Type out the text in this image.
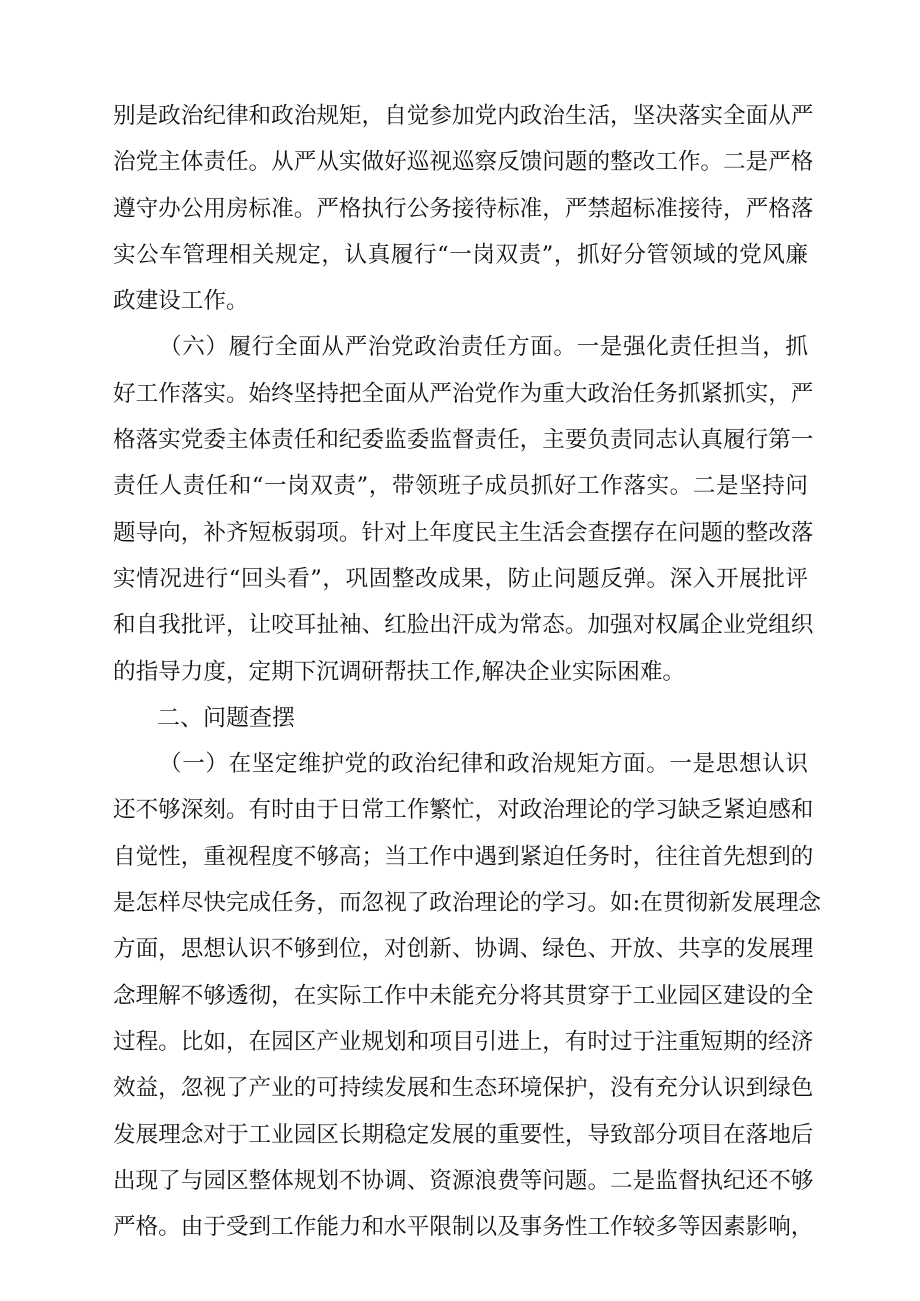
别是政治纪律和政治规矩，自觉参加党内政治生活，坚决落实全面从严
治党主体责任。从严从实做好巡视巡察反馈问题的整改工作。二是严格
遵守办公用房标准。严格执行公务接待标准，严禁超标准接待，严格落
实公车管理相关规定，认真履行“一岗双责”，抓好分管领域的党风廉
政建设工作。
（六）履行全面从严治党政治责任方面。一是强化责任担当，抓
好工作落实。始终坚持把全面从严治党作为重大政治任务抓紧抓实，严
格落实党委主体责任和纪委监委监督责任，主要负责同志认真履行第一
责任人责任和“一岗双责”，带领班子成员抓好工作落实。二是坚持问
题导向，补齐短板弱项。针对上年度民主生活会查摆存在问题的整改落
实情况进行“回头看”，巩固整改成果，防止问题反弹。深入开展批评
和自我批评，让咬耳扯袖、红脸出汗成为常态。加强对权属企业党组织
的指导力度，定期下沉调研帮扶工作,解决企业实际困难。
二、问题查摆
（一）在坚定维护党的政治纪律和政治规矩方面。一是思想认识
还不够深刻。有时由于日常工作繁忙，对政治理论的学习缺乏紧迫感和
自觉性，重视程度不够高；当工作中遇到紧迫任务时，往往首先想到的
是怎样尽快完成任务，而忽视了政治理论的学习。如:在贯彻新发展理念
方面，思想认识不够到位，对创新、协调、绿色、开放、共享的发展理
念理解不够透彻，在实际工作中未能充分将其贯穿于工业园区建设的全
过程。比如，在园区产业规划和项目引进上，有时过于注重短期的经济
效益，忽视了产业的可持续发展和生态环境保护，没有充分认识到绿色
发展理念对于工业园区长期稳定发展的重要性，导致部分项目在落地后
出现了与园区整体规划不协调、资源浪费等问题。二是监督执纪还不够
严格。由于受到工作能力和水平限制以及事务性工作较多等因素影响，
